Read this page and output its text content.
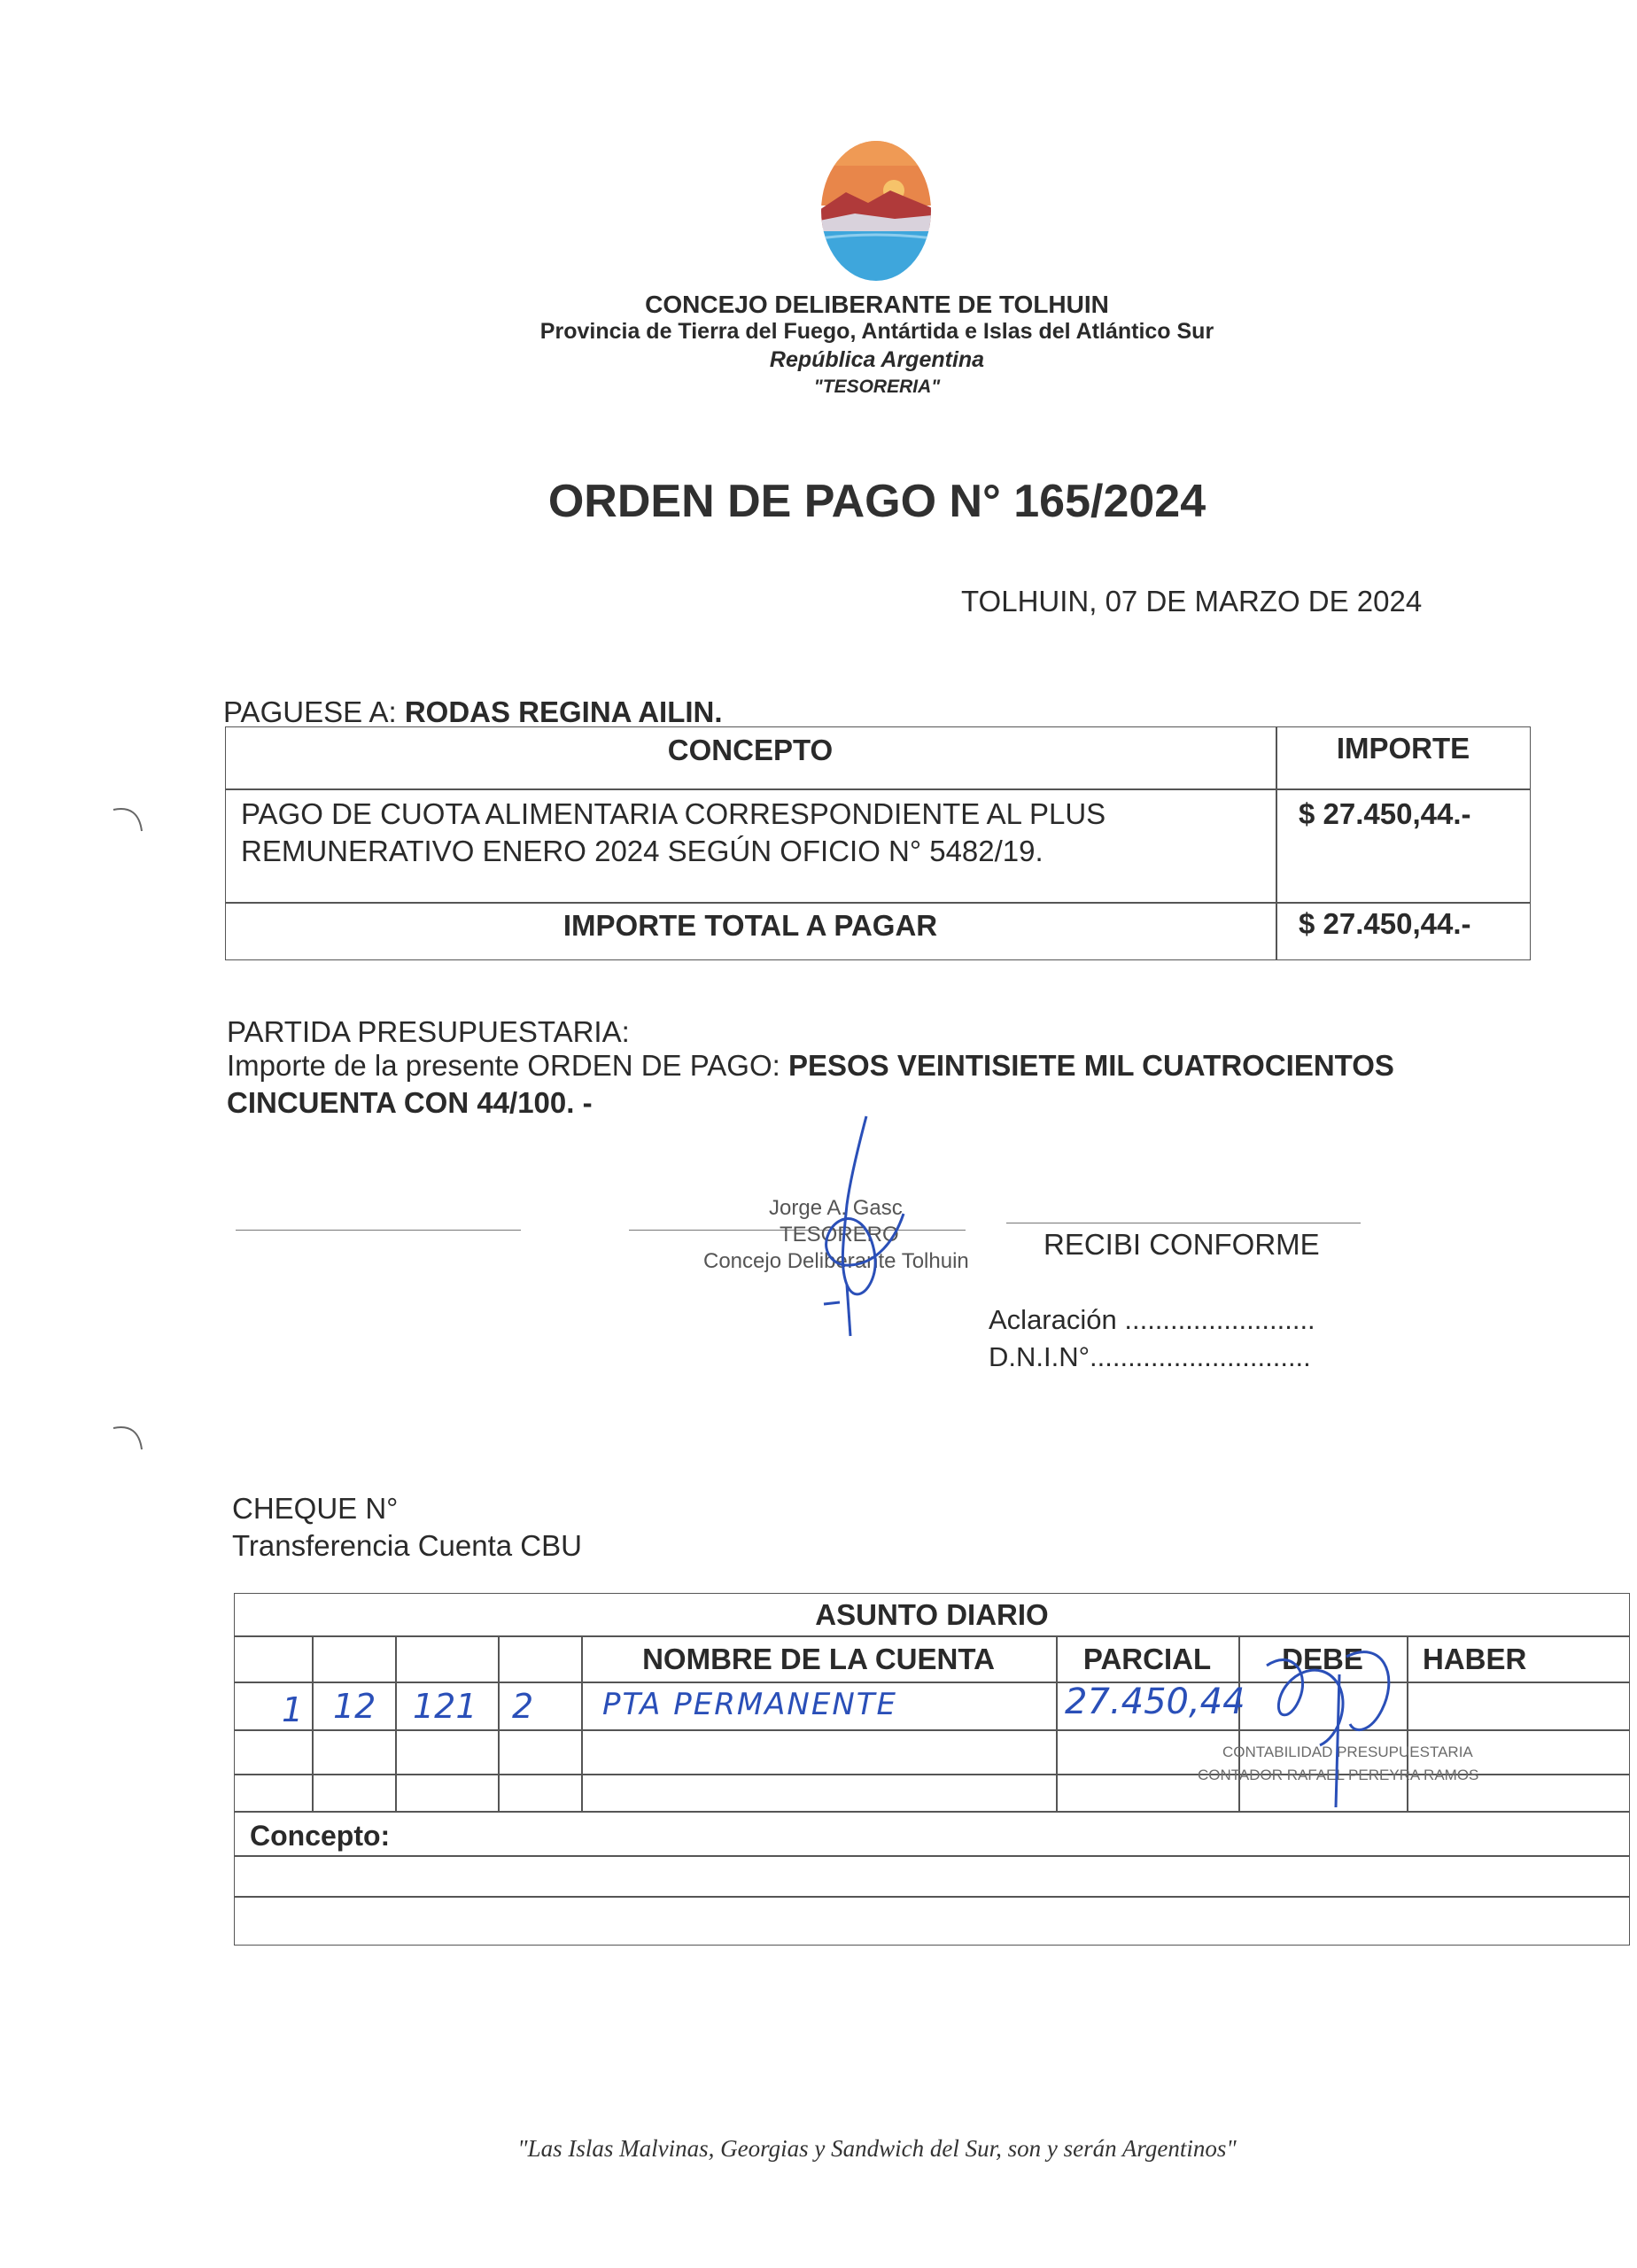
CONCEJO DELIBERANTE DE TOLHUIN
Provincia de Tierra del Fuego, Antártida e Islas del Atlántico Sur
República Argentina
"TESORERIA"
ORDEN DE PAGO N° 165/2024
TOLHUIN, 07 DE MARZO DE 2024
PAGUESE A: RODAS REGINA AILIN.
CONCEPTO	IMPORTE
PAGO DE CUOTA ALIMENTARIA CORRESPONDIENTE AL PLUS
REMUNERATIVO ENERO 2024 SEGÚN OFICIO N° 5482/19.
$ 27.450,44.-
IMPORTE TOTAL A PAGAR	$ 27.450,44.-
PARTIDA PRESUPUESTARIA:
Importe de la presente ORDEN DE PAGO: PESOS VEINTISIETE MIL CUATROCIENTOS
CINCUENTA CON 44/100. -
Jorge A. Gasc
TESORERO
Concejo Deliberante Tolhuin
RECIBI CONFORME
Aclaración .........................
D.N.I.N°.............................
CHEQUE N°
Transferencia Cuenta CBU
ASUNTO DIARIO
NOMBRE DE LA CUENTA	PARCIAL	DEBE	HABER
1 12 121 2 PTA PERMANENTE	27.450,44
CONTABILIDAD PRESUPUESTARIA
CONTADOR RAFAEL PEREYRA RAMOS
Concepto:
"Las Islas Malvinas, Georgias y Sandwich del Sur, son y serán Argentinos"
